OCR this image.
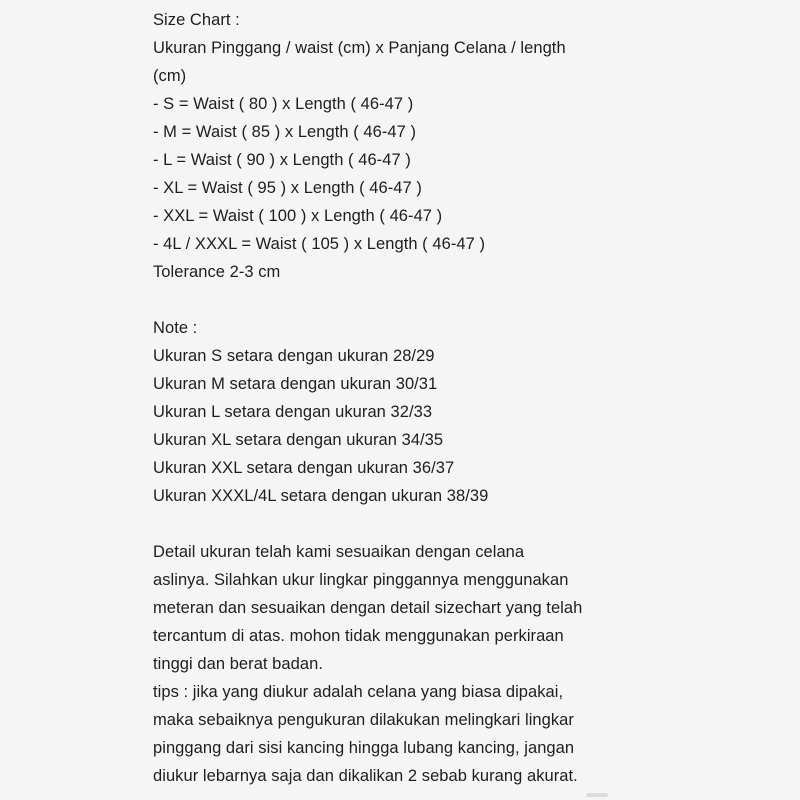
Size Chart :
Ukuran Pinggang / waist (cm) x Panjang Celana / length
(cm)
- S = Waist ( 80 ) x Length ( 46-47 )
- M = Waist ( 85 ) x Length ( 46-47 )
- L = Waist ( 90 ) x Length ( 46-47 )
- XL = Waist ( 95 ) x Length ( 46-47 )
- XXL = Waist ( 100 ) x Length ( 46-47 )
- 4L / XXXL = Waist ( 105 ) x Length ( 46-47 )
Tolerance 2-3 cm
Note :
Ukuran S setara dengan ukuran 28/29
Ukuran M setara dengan ukuran 30/31
Ukuran L setara dengan ukuran 32/33
Ukuran XL setara dengan ukuran 34/35
Ukuran XXL setara dengan ukuran 36/37
Ukuran XXXL/4L setara dengan ukuran 38/39
Detail ukuran telah kami sesuaikan dengan celana
aslinya. Silahkan ukur lingkar pinggannya menggunakan
meteran dan sesuaikan dengan detail sizechart yang telah
tercantum di atas. mohon tidak menggunakan perkiraan
tinggi dan berat badan.
tips : jika yang diukur adalah celana yang biasa dipakai,
maka sebaiknya pengukuran dilakukan melingkari lingkar
pinggang dari sisi kancing hingga lubang kancing, jangan
diukur lebarnya saja dan dikalikan 2 sebab kurang akurat.
